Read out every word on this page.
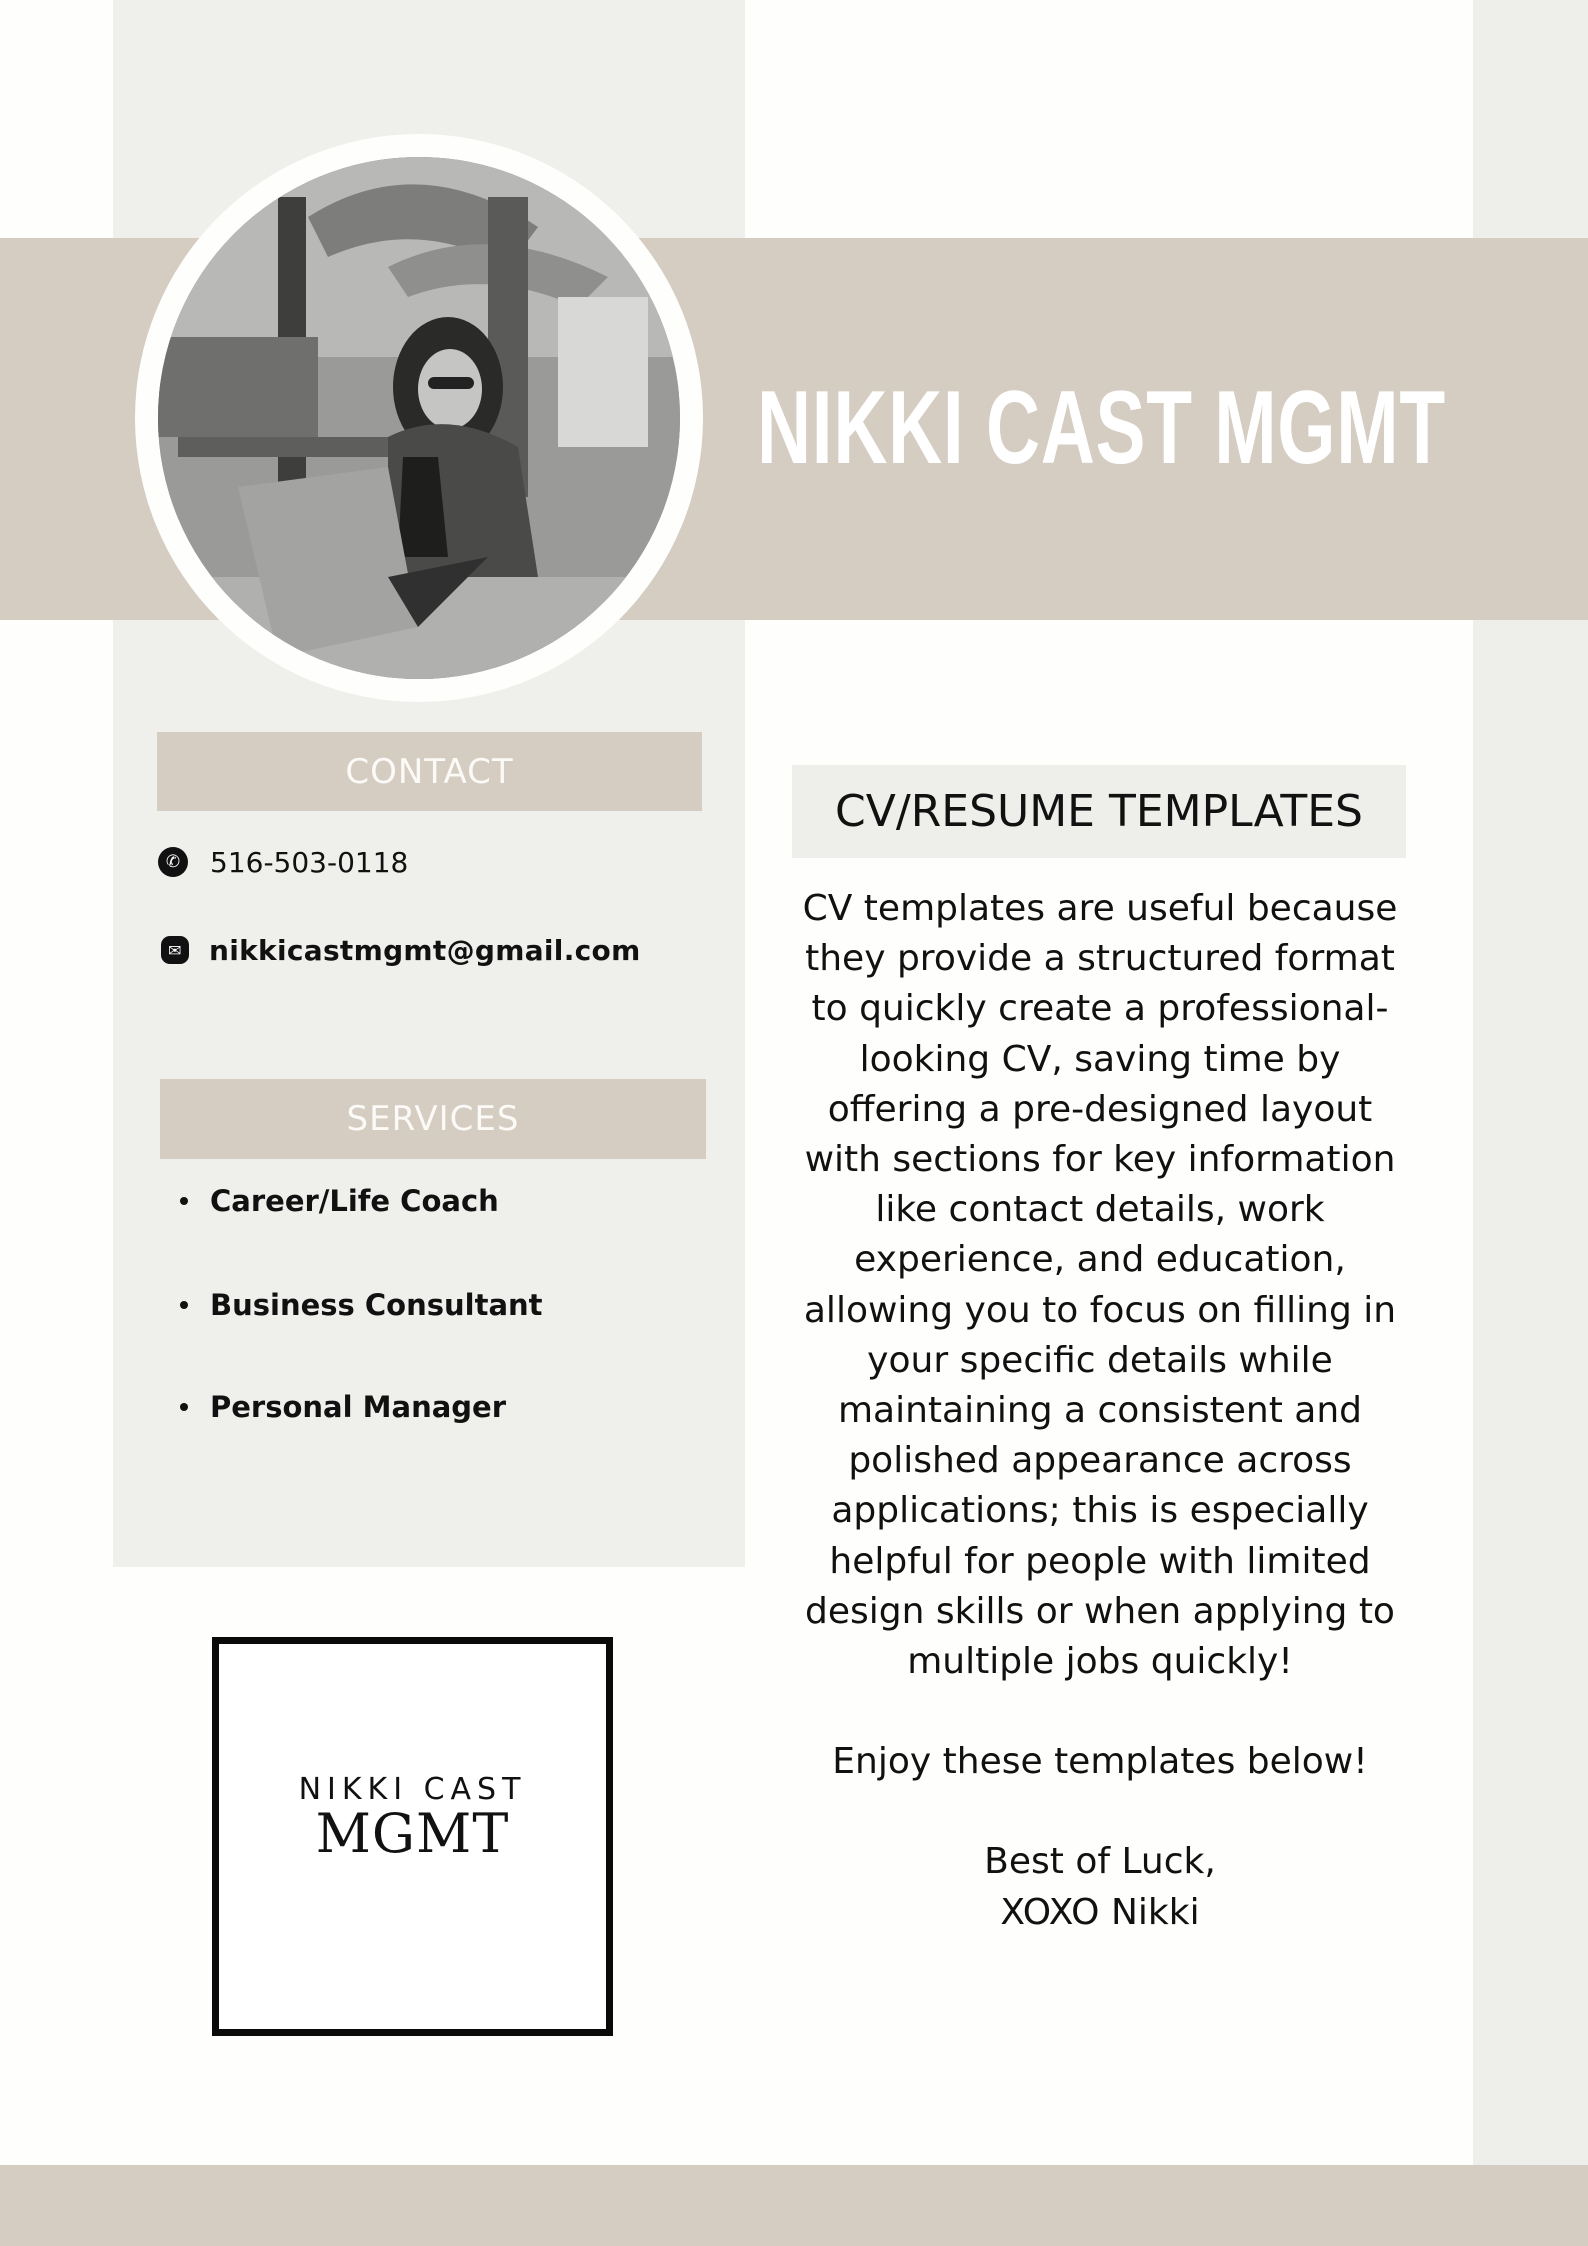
NIKKI CAST MGMT
CONTACT
✆ 516-503-0118
✉ nikkicastmgmt@gmail.com
SERVICES
Career/Life Coach
Business Consultant
Personal Manager
NIKKI CAST
MGMT
CV/RESUME TEMPLATES

CV templates are useful because they provide a structured format to quickly create a professional-looking CV, saving time by offering a pre-designed layout with sections for key information like contact details, work experience, and education, allowing you to focus on filling in your specific details while maintaining a consistent and polished appearance across applications; this is especially helpful for people with limited design skills or when applying to multiple jobs quickly!

Enjoy these templates below!

Best of Luck,

XOXO Nikki
